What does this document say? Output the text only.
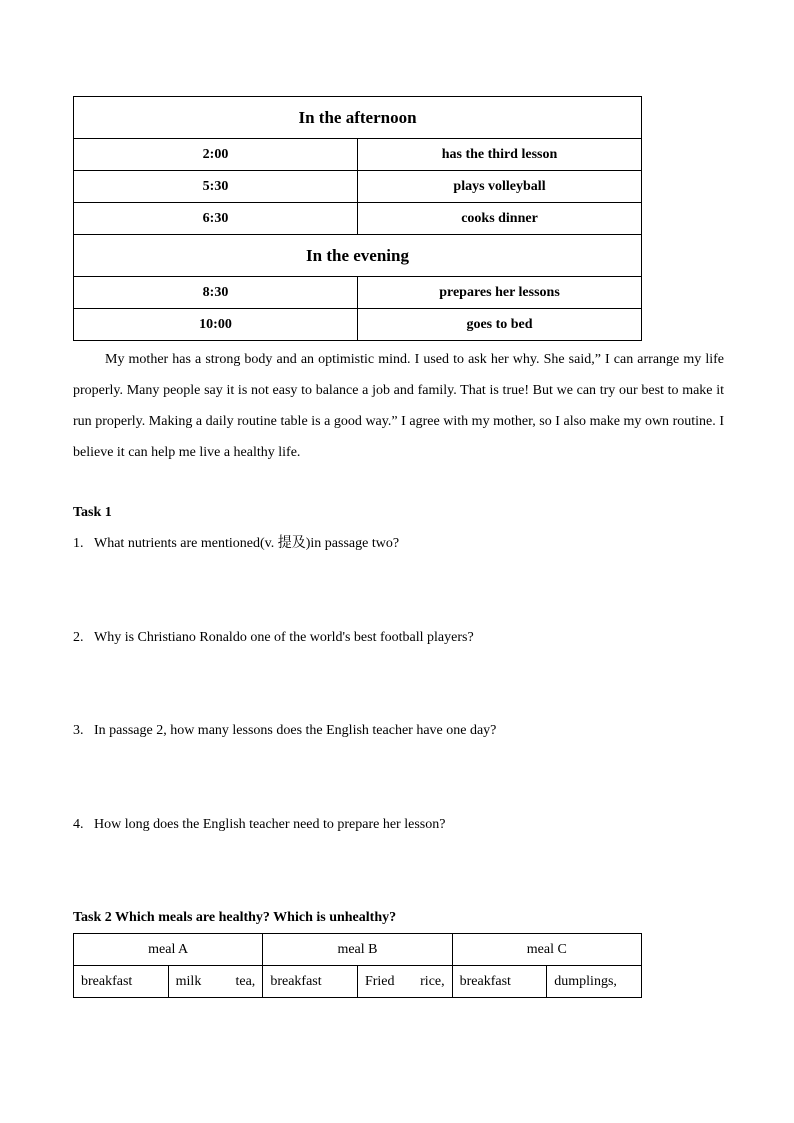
In the afternoon	
2:00	has the third lesson
5:30	plays volleyball
6:30	cooks dinner
In the evening	
8:30	prepares her lessons
10:00	goes to bed

My mother has a strong body and an optimistic mind. I used to ask her why. She said,” I can arrange my life properly. Many people say it is not easy to balance a job and family. That is true! But we can try our best to make it run properly. Making a daily routine table is a good way.” I agree with my mother, so I also make my own routine. I believe it can help me live a healthy life.

Task 1
1. What nutrients are mentioned(v. 提及)in passage two?
2. Why is Christiano Ronaldo one of the world's best football players?
3. In passage 2, how many lessons does the English teacher have one day?
4. How long does the English teacher need to prepare her lesson?
Task 2 Which meals are healthy? Which is unhealthy?
meal A		meal B		meal C	
breakfast	milk tea,	breakfast	Fried rice,	breakfast	dumplings,
